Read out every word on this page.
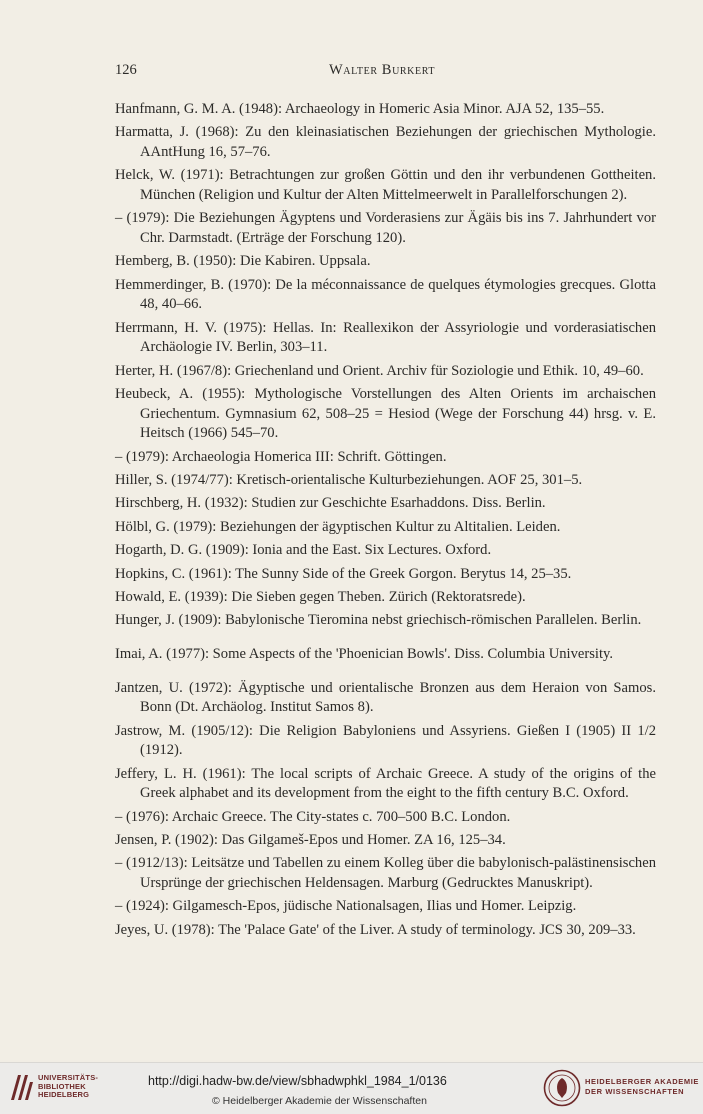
126	Walter Burkert
Hanfmann, G. M. A. (1948): Archaeology in Homeric Asia Minor. AJA 52, 135–55.
Harmatta, J. (1968): Zu den kleinasiatischen Beziehungen der griechischen Mythologie. AAntHung 16, 57–76.
Helck, W. (1971): Betrachtungen zur großen Göttin und den ihr verbundenen Gottheiten. München (Religion und Kultur der Alten Mittelmeerwelt in Parallelforschungen 2).
– (1979): Die Beziehungen Ägyptens und Vorderasiens zur Ägäis bis ins 7. Jahrhundert vor Chr. Darmstadt. (Erträge der Forschung 120).
Hemberg, B. (1950): Die Kabiren. Uppsala.
Hemmerdinger, B. (1970): De la méconnaissance de quelques étymologies grecques. Glotta 48, 40–66.
Herrmann, H. V. (1975): Hellas. In: Reallexikon der Assyriologie und vorderasiatischen Archäologie IV. Berlin, 303–11.
Herter, H. (1967/8): Griechenland und Orient. Archiv für Soziologie und Ethik. 10, 49–60.
Heubeck, A. (1955): Mythologische Vorstellungen des Alten Orients im archaischen Griechentum. Gymnasium 62, 508–25 = Hesiod (Wege der Forschung 44) hrsg. v. E. Heitsch (1966) 545–70.
– (1979): Archaeologia Homerica III: Schrift. Göttingen.
Hiller, S. (1974/77): Kretisch-orientalische Kulturbeziehungen. AOF 25, 301–5.
Hirschberg, H. (1932): Studien zur Geschichte Esarhaddons. Diss. Berlin.
Hölbl, G. (1979): Beziehungen der ägyptischen Kultur zu Altitalien. Leiden.
Hogarth, D. G. (1909): Ionia and the East. Six Lectures. Oxford.
Hopkins, C. (1961): The Sunny Side of the Greek Gorgon. Berytus 14, 25–35.
Howald, E. (1939): Die Sieben gegen Theben. Zürich (Rektoratsrede).
Hunger, J. (1909): Babylonische Tieromina nebst griechisch-römischen Parallelen. Berlin.
Imai, A. (1977): Some Aspects of the 'Phoenician Bowls'. Diss. Columbia University.
Jantzen, U. (1972): Ägyptische und orientalische Bronzen aus dem Heraion von Samos. Bonn (Dt. Archäolog. Institut Samos 8).
Jastrow, M. (1905/12): Die Religion Babyloniens und Assyriens. Gießen I (1905) II 1/2 (1912).
Jeffery, L. H. (1961): The local scripts of Archaic Greece. A study of the origins of the Greek alphabet and its development from the eight to the fifth century B.C. Oxford.
– (1976): Archaic Greece. The City-states c. 700–500 B.C. London.
Jensen, P. (1902): Das Gilgameš-Epos und Homer. ZA 16, 125–34.
– (1912/13): Leitsätze und Tabellen zu einem Kolleg über die babylonisch-palästinensischen Ursprünge der griechischen Heldensagen. Marburg (Gedrucktes Manuskript).
– (1924): Gilgamesch-Epos, jüdische Nationalsagen, Ilias und Homer. Leipzig.
Jeyes, U. (1978): The 'Palace Gate' of the Liver. A study of terminology. JCS 30, 209–33.
UNIVERSITÄTS-
BIBLIOTHEK
HEIDELBERG
http://digi.hadw-bw.de/view/sbhadwphkl_1984_1/0136
© Heidelberger Akademie der Wissenschaften
HEIDELBERGER AKADEMIE
DER WISSENSCHAFTEN
